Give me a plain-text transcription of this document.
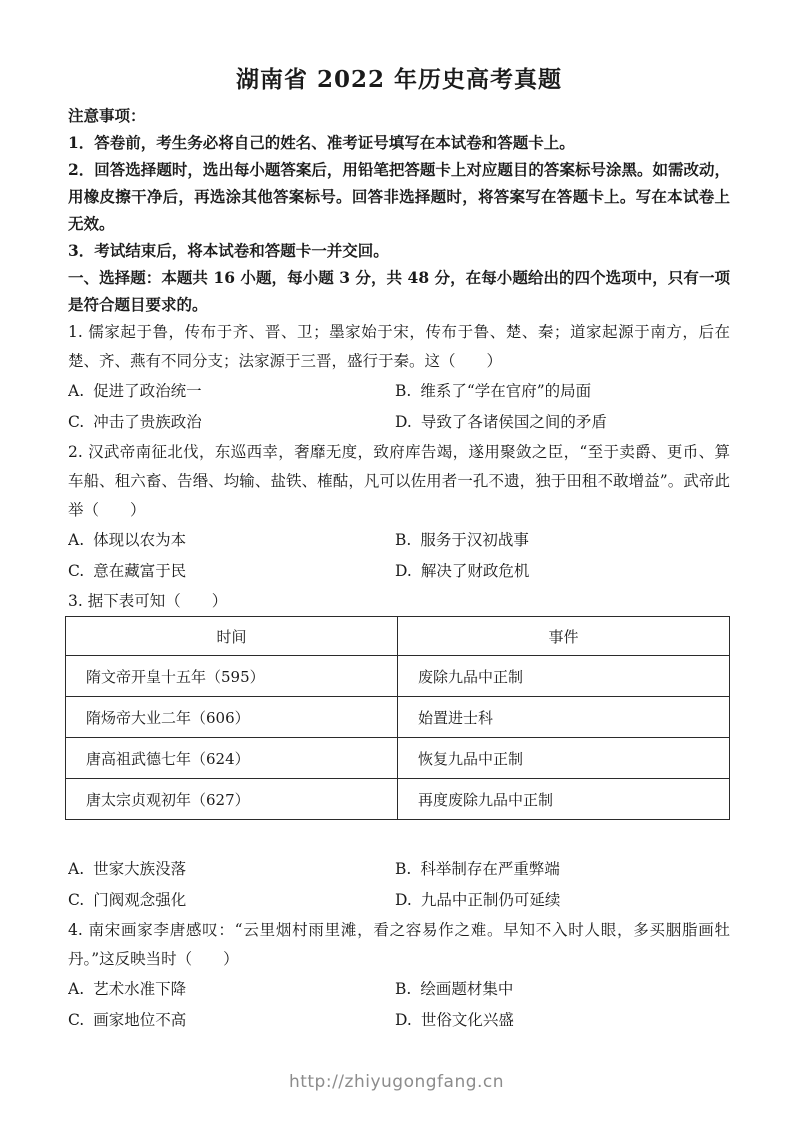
湖南省 2022 年历史高考真题

注意事项：

1．答卷前，考生务必将自己的姓名、准考证号填写在本试卷和答题卡上。

2．回答选择题时，选出每小题答案后，用铅笔把答题卡上对应题目的答案标号涂黑。如需改动，用橡皮擦干净后，再选涂其他答案标号。回答非选择题时，将答案写在答题卡上。写在本试卷上无效。

3．考试结束后，将本试卷和答题卡一并交回。

一、选择题：本题共 16 小题，每小题 3 分，共 48 分，在每小题给出的四个选项中，只有一项是符合题目要求的。

1. 儒家起于鲁，传布于齐、晋、卫；墨家始于宋，传布于鲁、楚、秦；道家起源于南方，后在楚、齐、燕有不同分支；法家源于三晋，盛行于秦。这（　　）

A. 促进了政治统一	B. 维系了“学在官府”的局面
C. 冲击了贵族政治	D. 导致了各诸侯国之间的矛盾

2. 汉武帝南征北伐，东巡西幸，奢靡无度，致府库告竭，遂用聚敛之臣，“至于卖爵、更币、算车船、租六畜、告缗、均输、盐铁、榷酤，凡可以佐用者一孔不遗，独于田租不敢增益”。武帝此举（　　）

A. 体现以农为本	B. 服务于汉初战事
C. 意在藏富于民	D. 解决了财政危机

3. 据下表可知（　　）

时间	事件
隋文帝开皇十五年（595）	废除九品中正制
隋炀帝大业二年（606）	始置进士科
唐高祖武德七年（624）	恢复九品中正制
唐太宗贞观初年（627）	再度废除九品中正制
A. 世家大族没落	B. 科举制存在严重弊端
C. 门阀观念强化	D. 九品中正制仍可延续

4. 南宋画家李唐感叹：“云里烟村雨里滩，看之容易作之难。早知不入时人眼，多买胭脂画牡丹。”这反映当时（　　）

A. 艺术水准下降	B. 绘画题材集中
C. 画家地位不高	D. 世俗文化兴盛
http://zhiyugongfang.cn
